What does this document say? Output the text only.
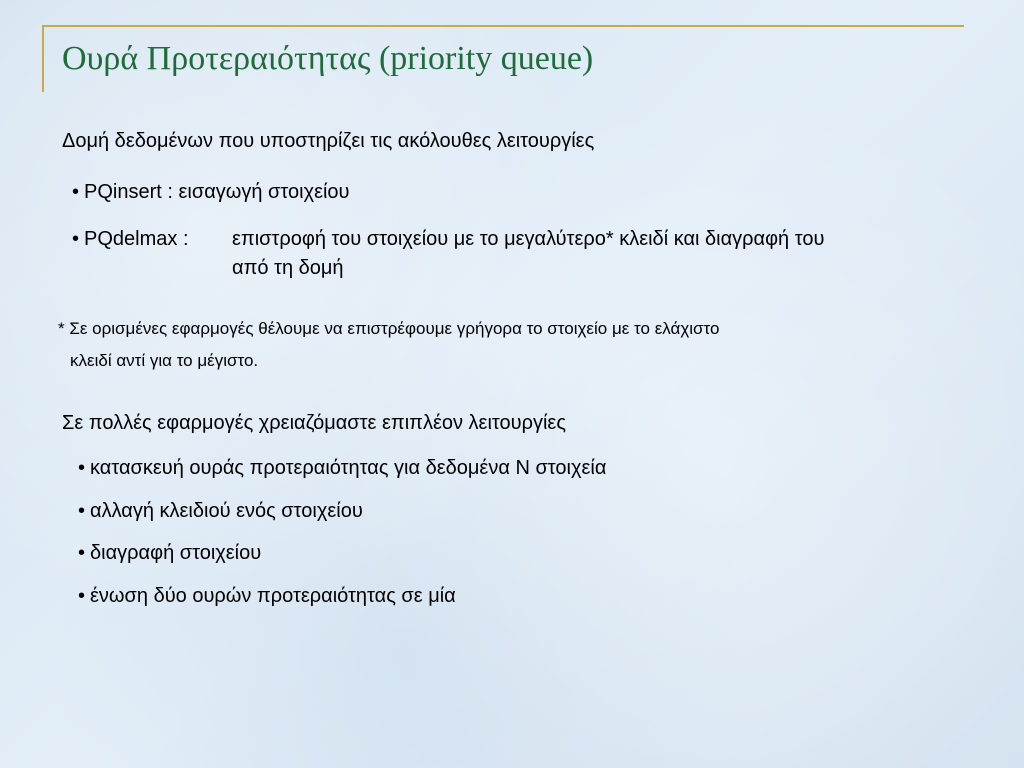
Ουρά Προτεραιότητας (priority queue)
Δομή δεδομένων που υποστηρίζει τις ακόλουθες λειτουργίες
• PQinsert : εισαγωγή στοιχείου
• PQdelmax : επιστροφή του στοιχείου με το μεγαλύτερο* κλειδί και διαγραφή του
από τη δομή
* Σε ορισμένες εφαρμογές θέλουμε να επιστρέφουμε γρήγορα το στοιχείο με το ελάχιστο
κλειδί αντί για το μέγιστο.
Σε πολλές εφαρμογές χρειαζόμαστε επιπλέον λειτουργίες
• κατασκευή ουράς προτεραιότητας για δεδομένα N στοιχεία
• αλλαγή κλειδιού ενός στοιχείου
• διαγραφή στοιχείου
• ένωση δύο ουρών προτεραιότητας σε μία
